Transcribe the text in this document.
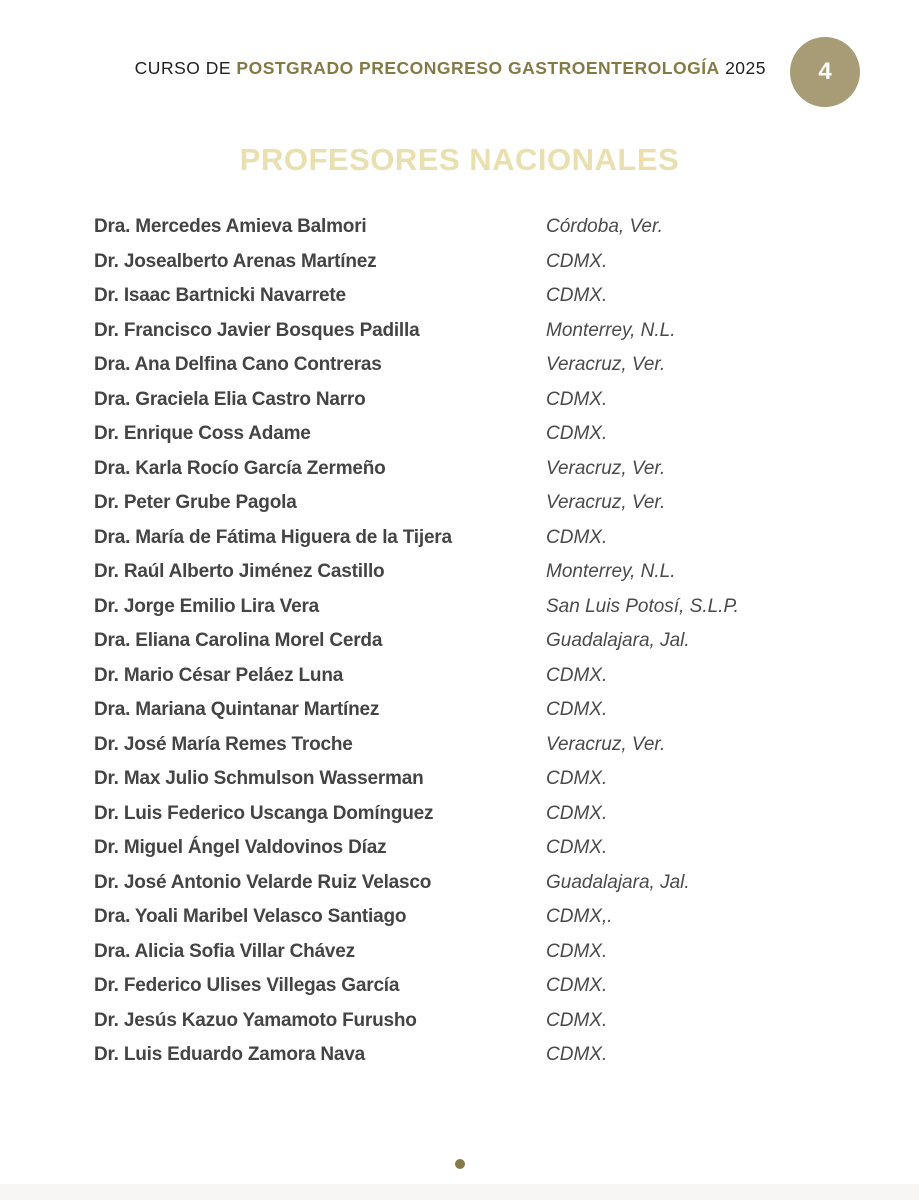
CURSO DE POSTGRADO PRECONGRESO GASTROENTEROLOGÍA 2025 4
PROFESORES NACIONALES
Dra. Mercedes Amieva Balmori	Córdoba, Ver.
Dr. Josealberto Arenas Martínez	CDMX.
Dr. Isaac Bartnicki Navarrete	CDMX.
Dr. Francisco Javier Bosques Padilla	Monterrey, N.L.
Dra. Ana Delfina Cano Contreras	Veracruz, Ver.
Dra. Graciela Elia Castro Narro	CDMX.
Dr. Enrique Coss Adame	CDMX.
Dra. Karla Rocío García Zermeño	Veracruz, Ver.
Dr. Peter Grube Pagola	Veracruz, Ver.
Dra. María de Fátima Higuera de la Tijera	CDMX.
Dr. Raúl Alberto Jiménez Castillo	Monterrey, N.L.
Dr. Jorge Emilio Lira Vera	San Luis Potosí, S.L.P.
Dra. Eliana Carolina Morel Cerda	Guadalajara, Jal.
Dr. Mario César Peláez Luna	CDMX.
Dra. Mariana Quintanar Martínez	CDMX.
Dr. José María Remes Troche	Veracruz, Ver.
Dr. Max Julio Schmulson Wasserman	CDMX.
Dr. Luis Federico Uscanga Domínguez	CDMX.
Dr. Miguel Ángel Valdovinos Díaz	CDMX.
Dr. José Antonio Velarde Ruiz Velasco	Guadalajara, Jal.
Dra. Yoali Maribel Velasco Santiago	CDMX,.
Dra. Alicia Sofia Villar Chávez	CDMX.
Dr. Federico Ulises Villegas García	CDMX.
Dr. Jesús Kazuo Yamamoto Furusho	CDMX.
Dr. Luis Eduardo Zamora Nava	CDMX.
